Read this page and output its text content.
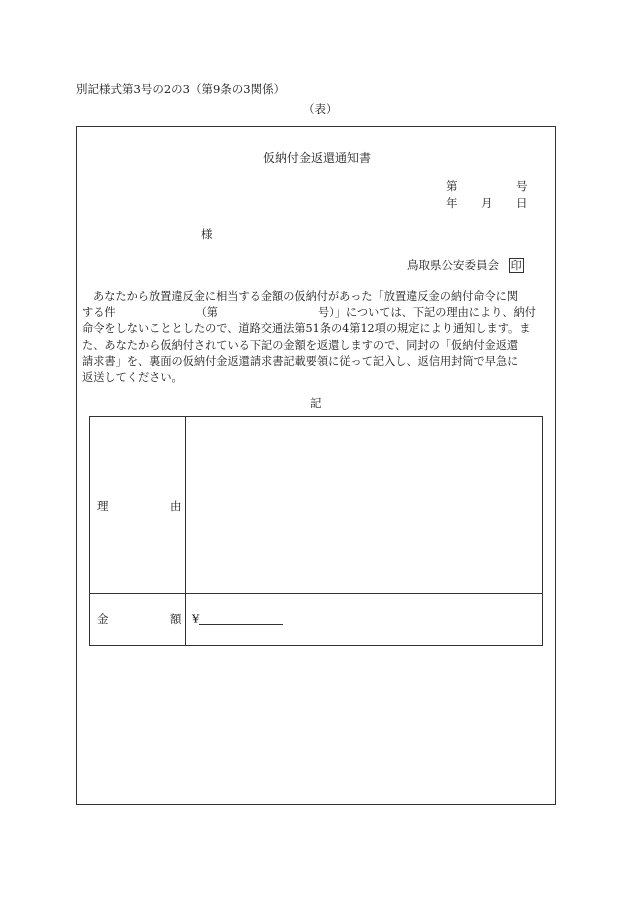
別記様式第3号の2の3（第9条の3関係）
（表）
仮納付金返還通知書
第	号
年 月 日
様
鳥取県公安委員会 印
あなたから放置違反金に相当する金額の仮納付があった「放置違反金の納付命令に関
する件	（第	号）」については、下記の理由により、納付
命令をしないこととしたので、道路交通法第51条の4第12項の規定により通知します。ま
た、あなたから仮納付されている下記の金額を返還しますので、同封の「仮納付金返還
請求書」を、裏面の仮納付金返還請求書記載要領に従って記入し、返信用封筒で早急に
返送してください。
記
理 由	

金 額	¥
